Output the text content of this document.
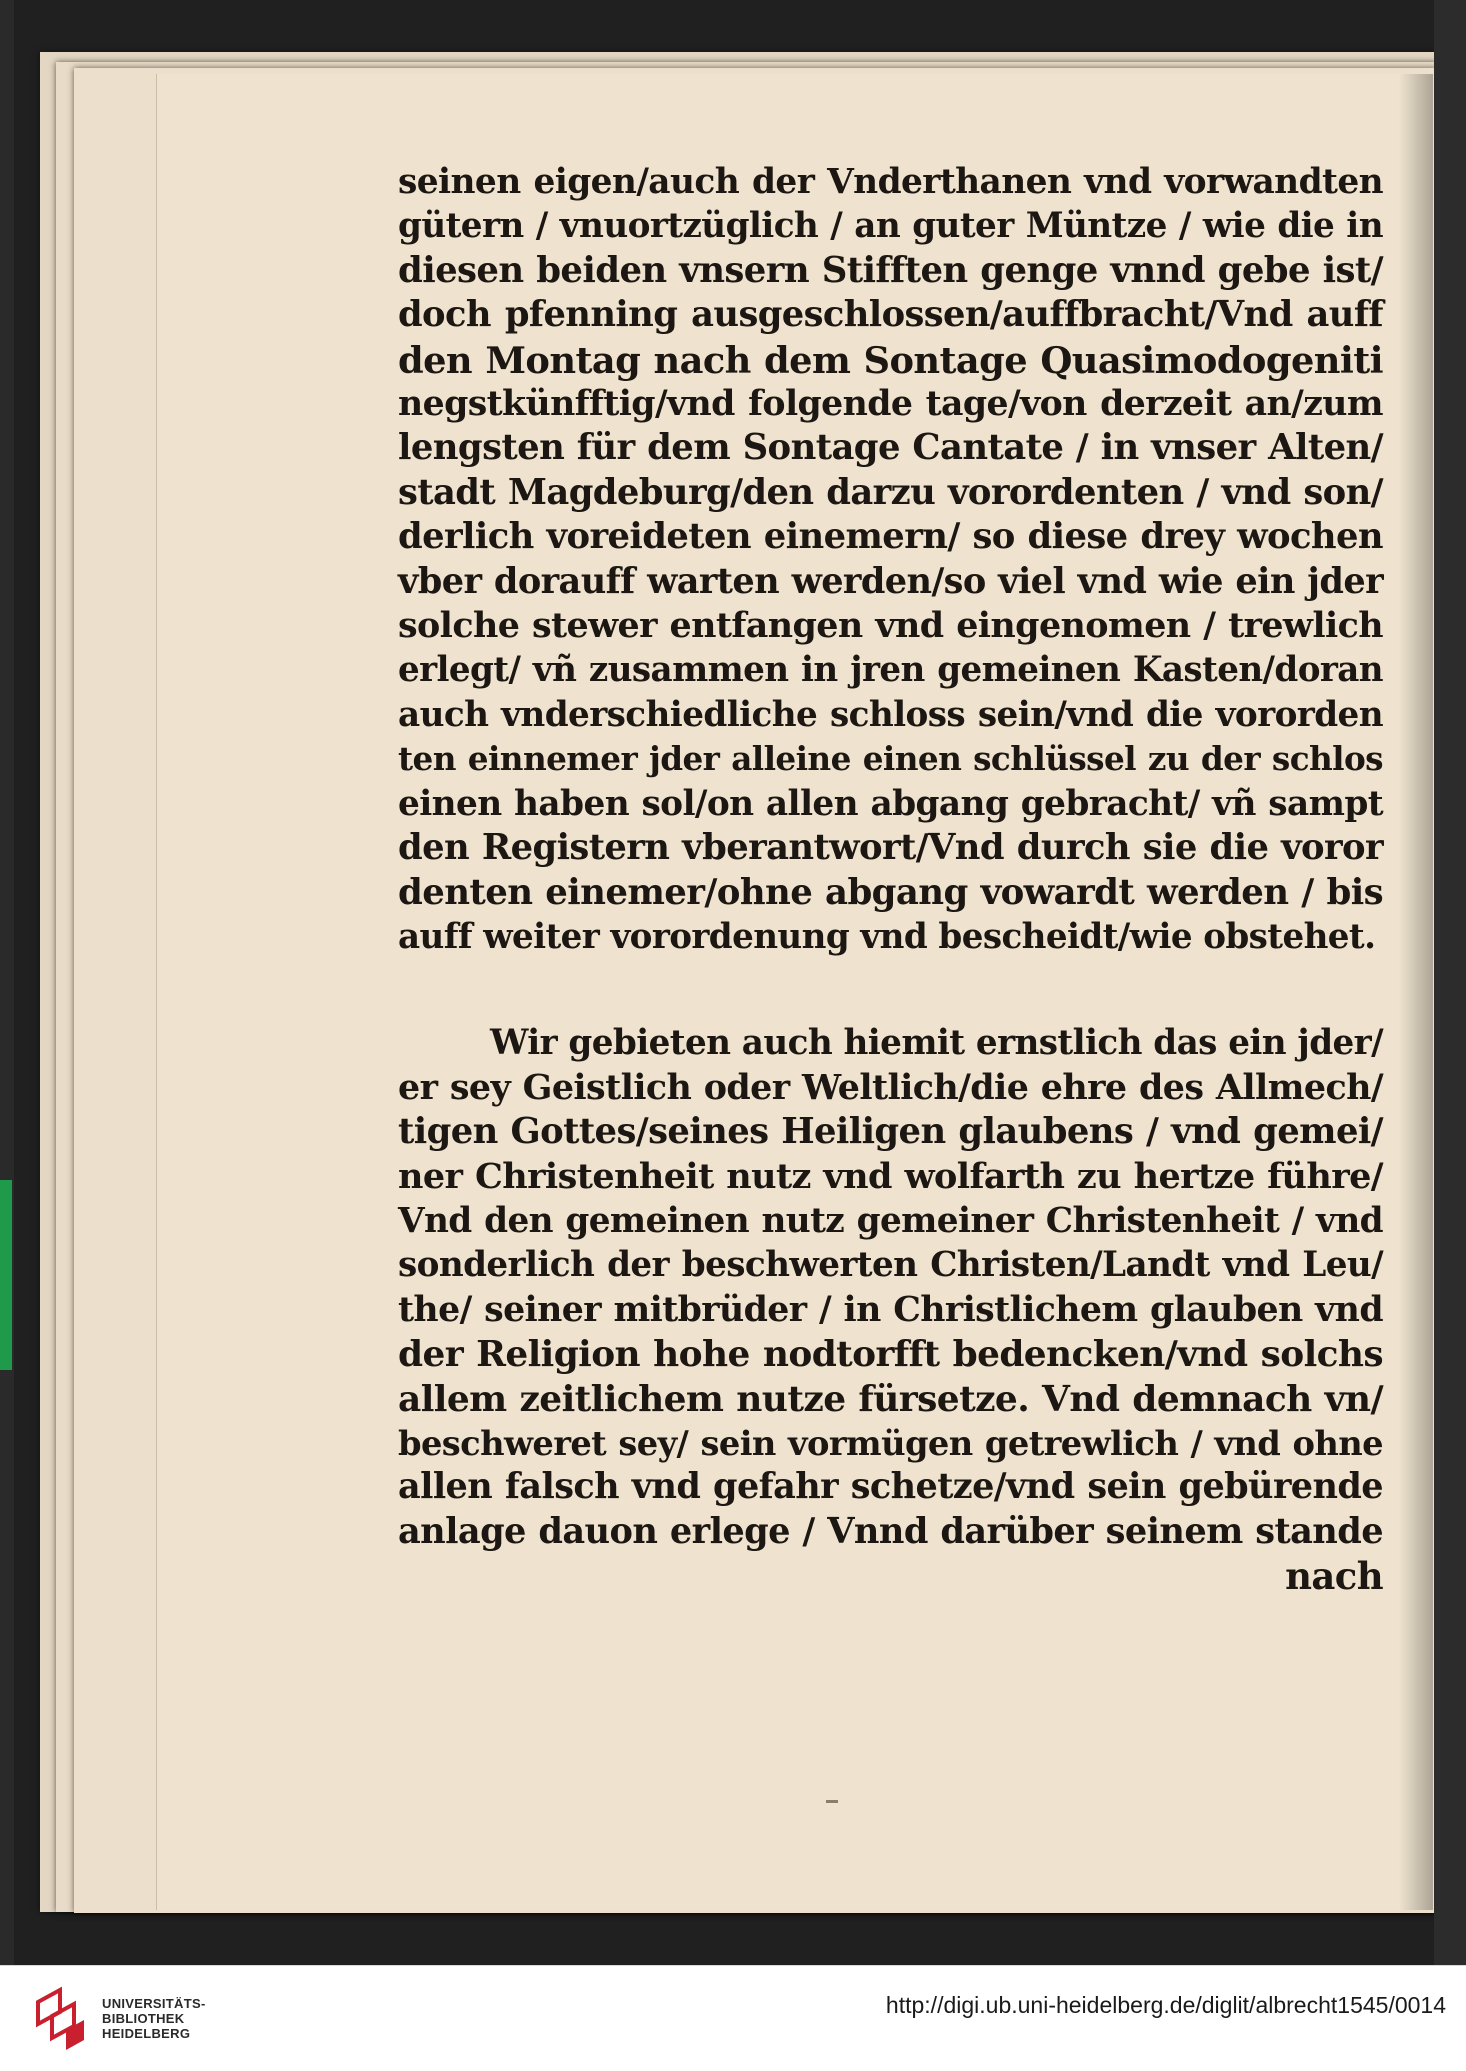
seinen eigen/auch der Vnderthanen vnd vorwandten
gütern / vnuortzüglich / an guter Müntze / wie die in
diesen beiden vnsern Stifften genge vnnd gebe ist/
doch pfenning ausgeschlossen/auffbracht/Vnd auff
den Montag nach dem Sontage Quasimodogeniti
negstkünfftig/vnd folgende tage/von derzeit an/zum
lengsten für dem Sontage Cantate / in vnser Alten/
stadt Magdeburg/den darzu vorordenten / vnd son/
derlich voreideten einemern/ so diese drey wochen
vber dorauff warten werden/so viel vnd wie ein jder
solche stewer entfangen vnd eingenomen / trewlich
erlegt/ vñ zusammen in jren gemeinen Kasten/doran
auch vnderschiedliche schloss sein/vnd die vororden
ten einnemer jder alleine einen schlüssel zu der schlos
einen haben sol/on allen abgang gebracht/ vñ sampt
den Registern vberantwort/Vnd durch sie die voror
denten einemer/ohne abgang vowardt werden / bis
auff weiter vorordenung vnd bescheidt/wie obstehet.
Wir gebieten auch hiemit ernstlich das ein jder/
er sey Geistlich oder Weltlich/die ehre des Allmech/
tigen Gottes/seines Heiligen glaubens / vnd gemei/
ner Christenheit nutz vnd wolfarth zu hertze führe/
Vnd den gemeinen nutz gemeiner Christenheit / vnd
sonderlich der beschwerten Christen/Landt vnd Leu/
the/ seiner mitbrüder / in Christlichem glauben vnd
der Religion hohe nodtorfft bedencken/vnd solchs
allem zeitlichem nutze fürsetze. Vnd demnach vn/
beschweret sey/ sein vormügen getrewlich / vnd ohne
allen falsch vnd gefahr schetze/vnd sein gebürende
anlage dauon erlege / Vnnd darüber seinem stande
nach
UNIVERSITÄTS-
BIBLIOTHEK
HEIDELBERG
http://digi.ub.uni-heidelberg.de/diglit/albrecht1545/0014
